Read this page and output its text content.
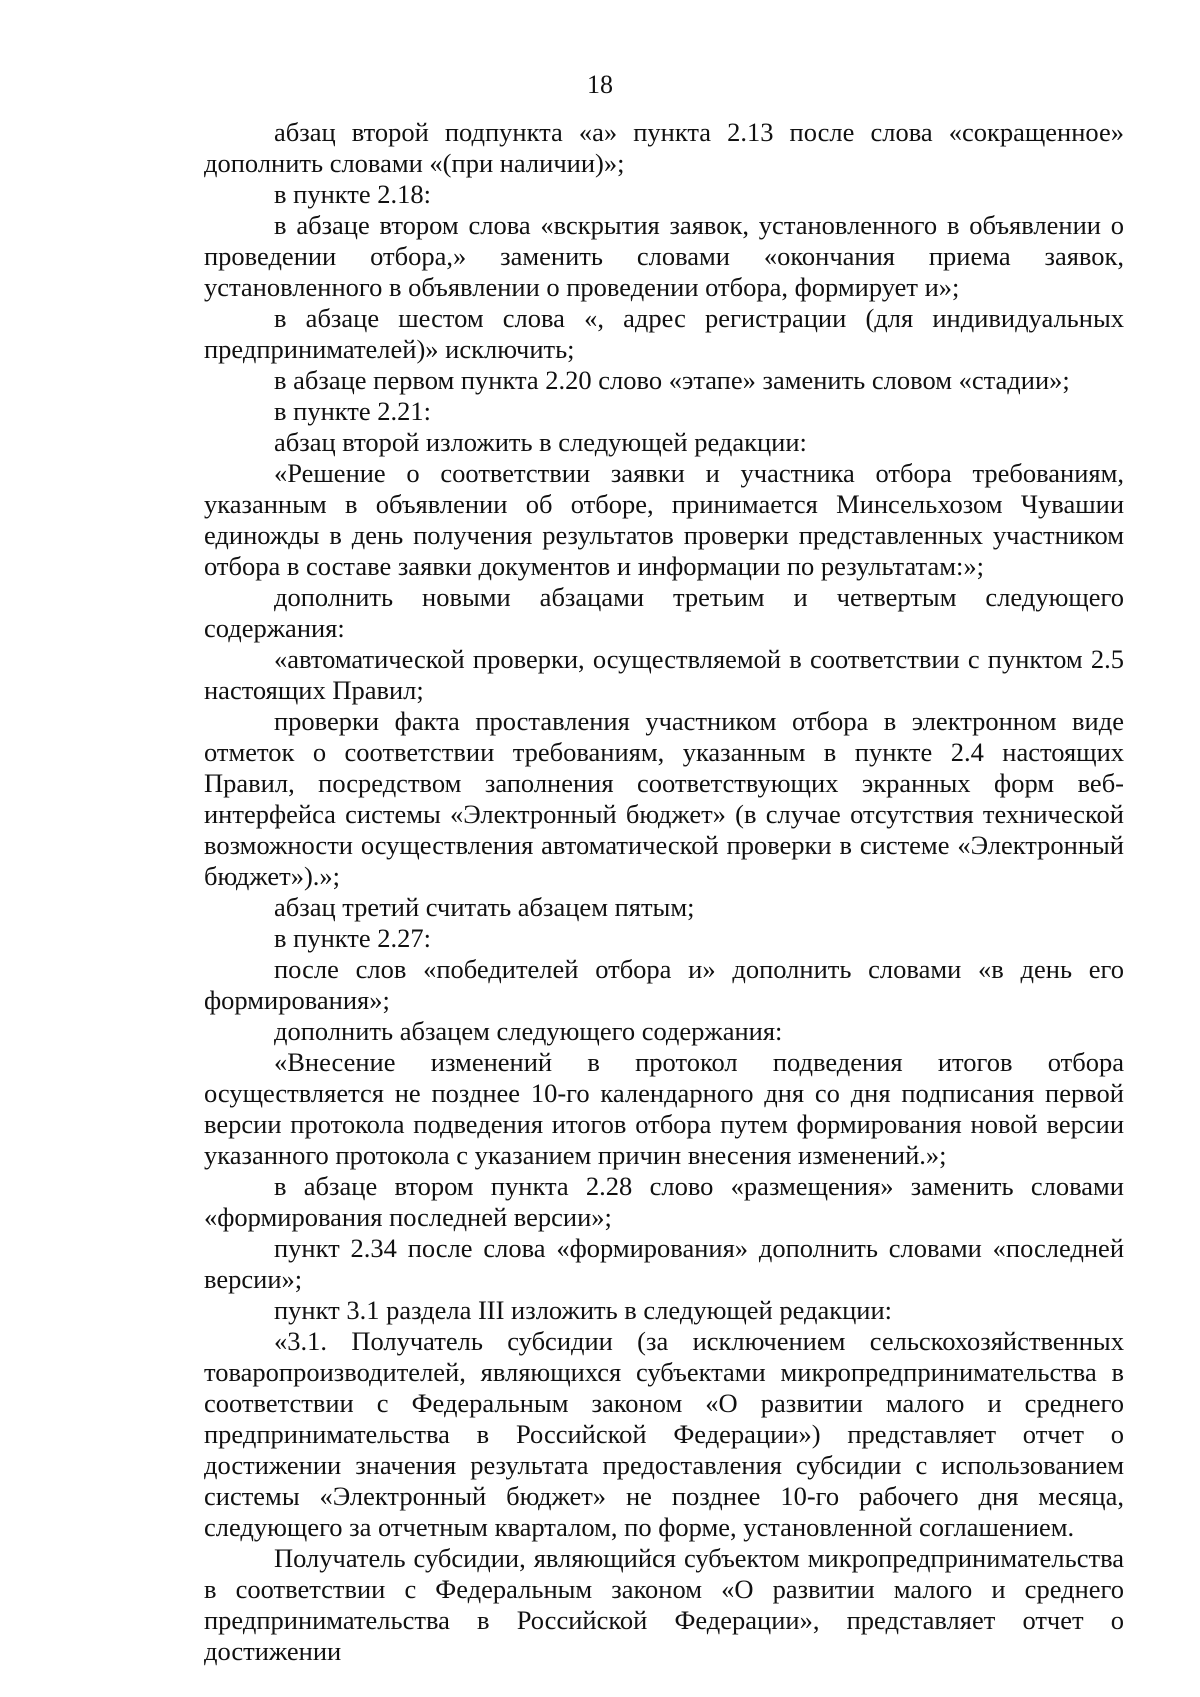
18

абзац второй подпункта «а» пункта 2.13 после слова «сокращенное» дополнить словами «(при наличии)»;

в пункте 2.18:

в абзаце втором слова «вскрытия заявок, установленного в объявлении о проведении отбора,» заменить словами «окончания приема заявок, установленного в объявлении о проведении отбора, формирует и»;

в абзаце шестом слова «, адрес регистрации (для индивидуальных предпринимателей)» исключить;

в абзаце первом пункта 2.20 слово «этапе» заменить словом «стадии»;

в пункте 2.21:

абзац второй изложить в следующей редакции:

«Решение о соответствии заявки и участника отбора требованиям, указанным в объявлении об отборе, принимается Минсельхозом Чувашии единожды в день получения результатов проверки представленных участником отбора в составе заявки документов и информации по результатам:»;

дополнить новыми абзацами третьим и четвертым следующего содержания:

«автоматической проверки, осуществляемой в соответствии с пунктом 2.5 настоящих Правил;

проверки факта проставления участником отбора в электронном виде отметок о соответствии требованиям, указанным в пункте 2.4 настоящих Правил, посредством заполнения соответствующих экранных форм веб-интерфейса системы «Электронный бюджет» (в случае отсутствия технической возможности осуществления автоматической проверки в системе «Электронный бюджет»).»;

абзац третий считать абзацем пятым;

в пункте 2.27:

после слов «победителей отбора и» дополнить словами «в день его формирования»;

дополнить абзацем следующего содержания:

«Внесение изменений в протокол подведения итогов отбора осуществляется не позднее 10-го календарного дня со дня подписания первой версии протокола подведения итогов отбора путем формирования новой версии указанного протокола с указанием причин внесения изменений.»;

в абзаце втором пункта 2.28 слово «размещения» заменить словами «формирования последней версии»;

пункт 2.34 после слова «формирования» дополнить словами «последней версии»;

пункт 3.1 раздела III изложить в следующей редакции:

«3.1. Получатель субсидии (за исключением сельскохозяйственных товаропроизводителей, являющихся субъектами микропредпринимательства в соответствии с Федеральным законом «О развитии малого и среднего предпринимательства в Российской Федерации») представляет отчет о достижении значения результата предоставления субсидии с использованием системы «Электронный бюджет» не позднее 10-го рабочего дня месяца, следующего за отчетным кварталом, по форме, установленной соглашением.

Получатель субсидии, являющийся субъектом микропредпринимательства в соответствии с Федеральным законом «О развитии малого и среднего предпринимательства в Российской Федерации», представляет отчет о достижении
